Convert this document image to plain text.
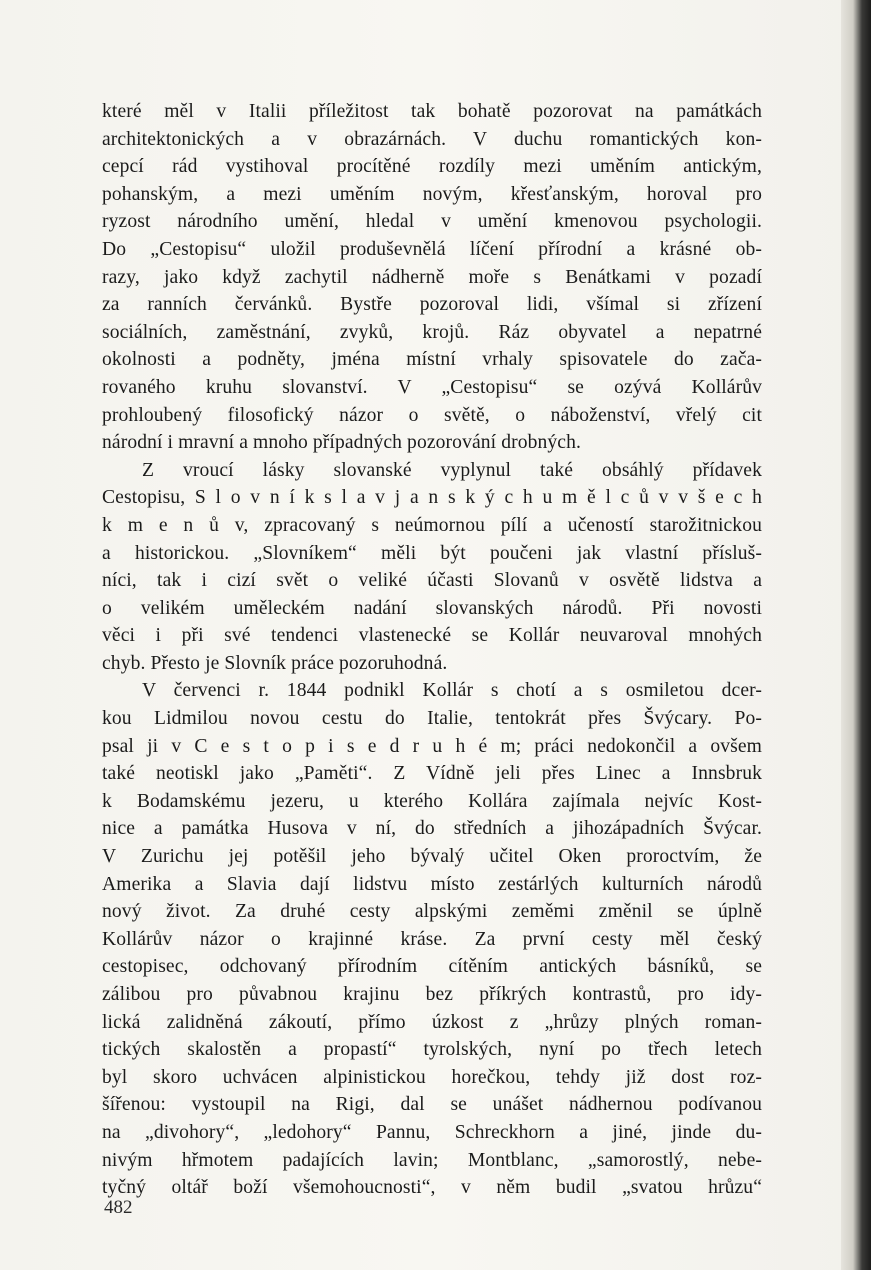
které měl v Italii příležitost tak bohatě pozorovat na památkách
architektonických a v obrazárnách. V duchu romantických kon-
cepcí rád vystihoval procítěné rozdíly mezi uměním antickým,
pohanským, a mezi uměním novým, křesťanským, horoval pro
ryzost národního umění, hledal v umění kmenovou psychologii.
Do „Cestopisu“ uložil produševnělá líčení přírodní a krásné ob-
razy, jako když zachytil nádherně moře s Benátkami v pozadí
za ranních červánků. Bystře pozoroval lidi, všímal si zřízení
sociálních, zaměstnání, zvyků, krojů. Ráz obyvatel a nepatrné
okolnosti a podněty, jména místní vrhaly spisovatele do zača-
rovaného kruhu slovanství. V „Cestopisu“ se ozývá Kollárův
prohloubený filosofický názor o světě, o náboženství, vřelý cit
národní i mravní a mnoho případných pozorování drobných.
Z vroucí lásky slovanské vyplynul také obsáhlý přídavek
Cestopisu, S l o v n í k s l a v j a n s k ý c h u m ě l c ů v v š e c h
k m e n ů v, zpracovaný s neúmornou pílí a učeností starožitnickou
a historickou. „Slovníkem“ měli být poučeni jak vlastní přísluš-
níci, tak i cizí svět o veliké účasti Slovanů v osvětě lidstva a
o velikém uměleckém nadání slovanských národů. Při novosti
věci i při své tendenci vlastenecké se Kollár neuvaroval mnohých
chyb. Přesto je Slovník práce pozoruhodná.
V červenci r. 1844 podnikl Kollár s chotí a s osmiletou dcer-
kou Lidmilou novou cestu do Italie, tentokrát přes Švýcary. Po-
psal ji v C e s t o p i s e d r u h é m; práci nedokončil a ovšem
také neotiskl jako „Paměti“. Z Vídně jeli přes Linec a Innsbruk
k Bodamskému jezeru, u kterého Kollára zajímala nejvíc Kost-
nice a památka Husova v ní, do středních a jihozápadních Švýcar.
V Zurichu jej potěšil jeho bývalý učitel Oken proroctvím, že
Amerika a Slavia dají lidstvu místo zestárlých kulturních národů
nový život. Za druhé cesty alpskými zeměmi změnil se úplně
Kollárův názor o krajinné kráse. Za první cesty měl český
cestopisec, odchovaný přírodním cítěním antických básníků, se
zálibou pro půvabnou krajinu bez příkrých kontrastů, pro idy-
lická zalidněná zákoutí, přímo úzkost z „hrůzy plných roman-
tických skalostěn a propastí“ tyrolských, nyní po třech letech
byl skoro uchvácen alpinistickou horečkou, tehdy již dost roz-
šířenou: vystoupil na Rigi, dal se unášet nádhernou podívanou
na „divohory“, „ledohory“ Pannu, Schreckhorn a jiné, jinde du-
nivým hřmotem padajících lavin; Montblanc, „samorostlý, nebe-
tyčný oltář boží všemohoucnosti“, v něm budil „svatou hrůzu“
482
